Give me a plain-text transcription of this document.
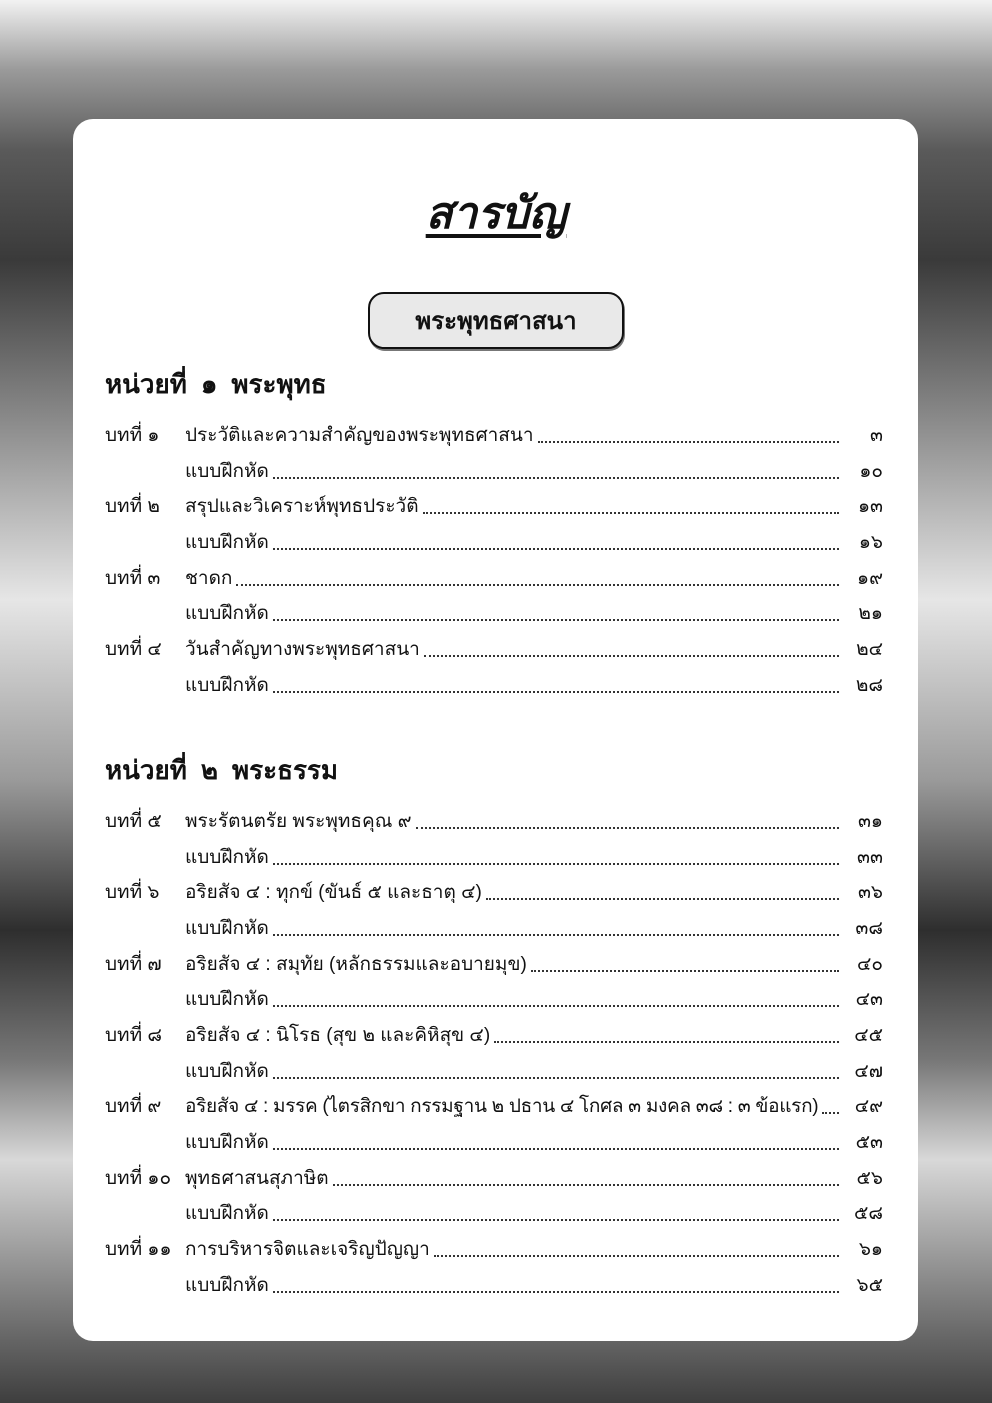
สารบัญ
พระพุทธศาสนา
หน่วยที่ ๑ พระพุทธ
บทที่ ๑	ประวัติและความสำคัญของพระพุทธศาสนา	๓
แบบฝึกหัด	๑๐
บทที่ ๒	สรุปและวิเคราะห์พุทธประวัติ	๑๓
แบบฝึกหัด	๑๖
บทที่ ๓	ชาดก	๑๙
แบบฝึกหัด	๒๑
บทที่ ๔	วันสำคัญทางพระพุทธศาสนา	๒๔
แบบฝึกหัด	๒๘
หน่วยที่ ๒ พระธรรม
บทที่ ๕	พระรัตนตรัย พระพุทธคุณ ๙	๓๑
แบบฝึกหัด	๓๓
บทที่ ๖	อริยสัจ ๔ : ทุกข์ (ขันธ์ ๕ และธาตุ ๔)	๓๖
แบบฝึกหัด	๓๘
บทที่ ๗	อริยสัจ ๔ : สมุทัย (หลักธรรมและอบายมุข)	๔๐
แบบฝึกหัด	๔๓
บทที่ ๘	อริยสัจ ๔ : นิโรธ (สุข ๒ และคิหิสุข ๔)	๔๕
แบบฝึกหัด	๔๗
บทที่ ๙	อริยสัจ ๔ : มรรค (ไตรสิกขา กรรมฐาน ๒ ปธาน ๔ โกศล ๓ มงคล ๓๘ : ๓ ข้อแรก)	๔๙
แบบฝึกหัด	๕๓
บทที่ ๑๐ พุทธศาสนสุภาษิต	๕๖
แบบฝึกหัด	๕๘
บทที่ ๑๑ การบริหารจิตและเจริญปัญญา	๖๑
แบบฝึกหัด	๖๕
